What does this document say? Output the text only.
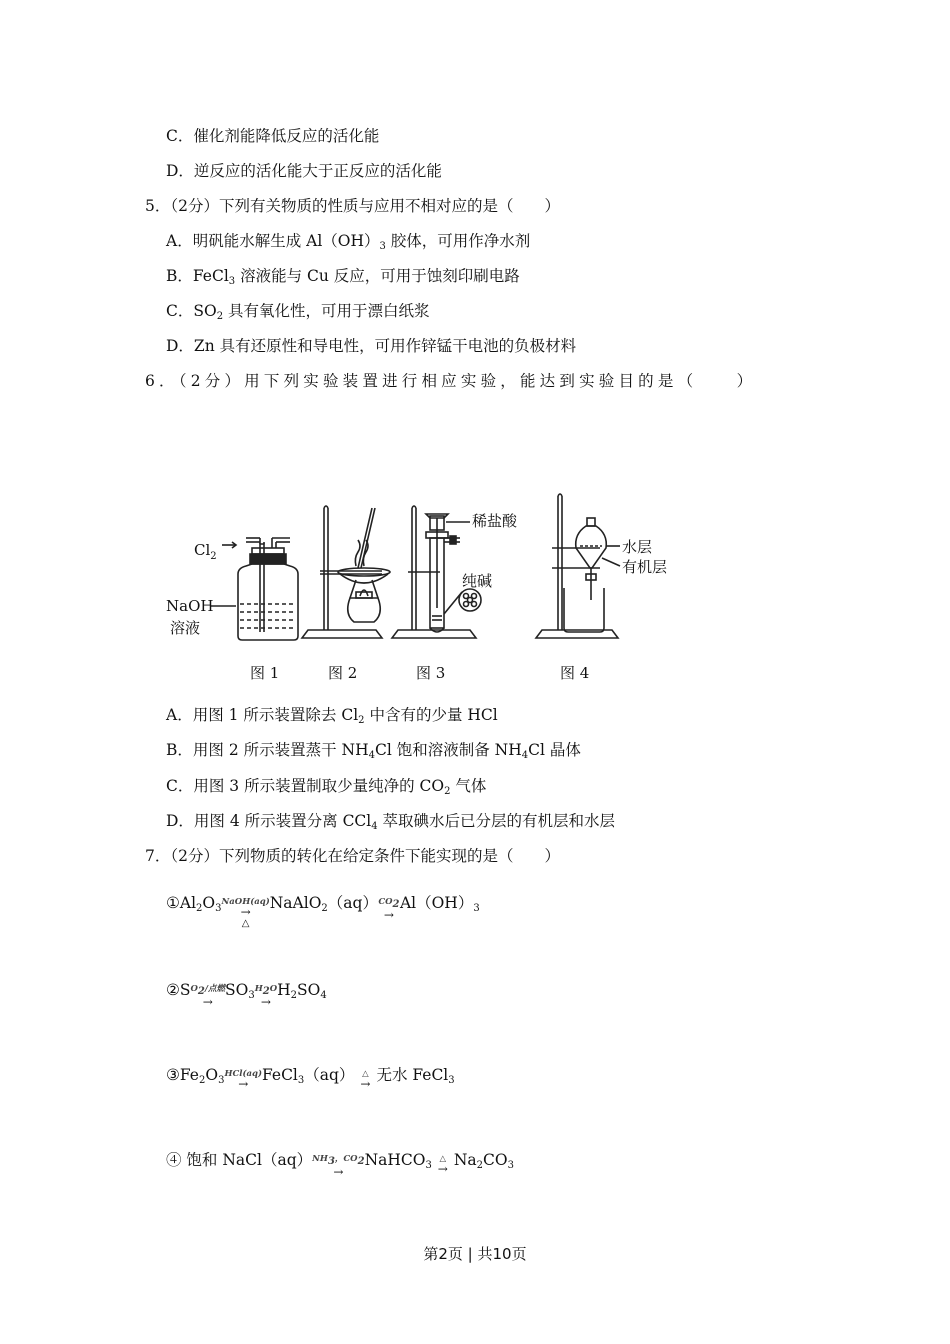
C．催化剂能降低反应的活化能
D．逆反应的活化能大于正反应的活化能
5．（2分）下列有关物质的性质与应用不相对应的是（　　）
A．明矾能水解生成 $Al(OH)_3$ 胶体，可用作净水剂
B．FeCl$_3$ 溶液能与 Cu 反应，可用于蚀刻印刷电路
C．$SO_2$ 具有氧化性，可用于漂白纸浆
D．Zn 具有还原性和导电性，可用作锌锰干电池的负极材料
6．（2分）用下列实验装置进行相应实验，能达到实验目的是（　　）
$Cl_2$
NaOH
溶液
稀盐酸
纯碱
水层
有机层
图 1	图 2	图 3	图 4
A．用图 1 所示装置除去 $Cl_2$ 中含有的少量 HCl
B．用图 2 所示装置蒸干 $NH_4Cl$ 饱和溶液制备 $NH_4Cl$ 晶体
C．用图 3 所示装置制取少量纯净的 $CO_2$ 气体
D．用图 4 所示装置分离 CCl$_4$ 萃取碘水后已分层的有机层和水层
7．（2分）下列物质的转化在给定条件下能实现的是（　　）
$①Al_2O_3$
NaOH(aq)
→
△
NaAlO$_2$（aq） $CO_2$
→
$Al(OH)_3$
②S $O_2/$点燃
→
$SO_3$
$H_2O$
→
$H_2SO_4$
$③Fe_2O_3$
HCl(aq)
→ FeCl$_3$（aq） △
→ 无水 FeCl$_3$
④ 饱和 NaCl（aq） $NH_3$，$CO_2$
→
NaHCO$_3$
△
→ $Na_2CO_3$
第2页 | 共10页
